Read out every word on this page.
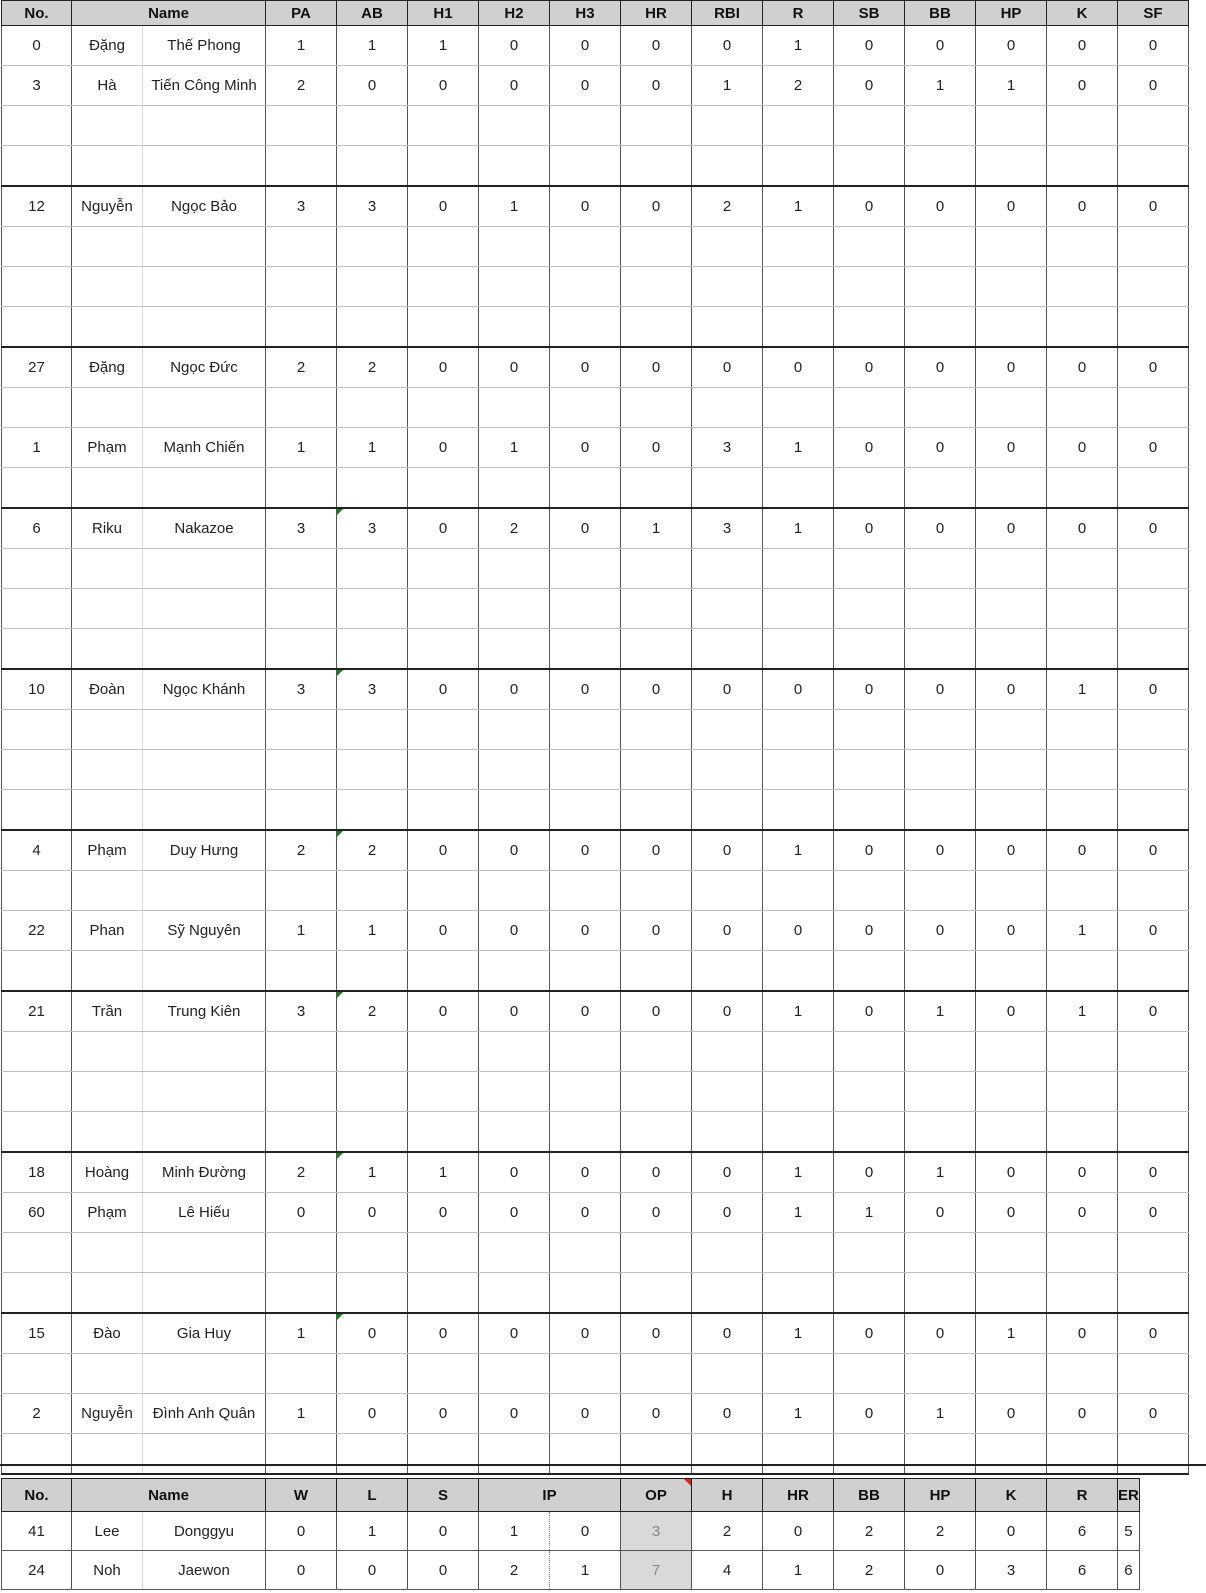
No.	Name		PA	AB	H1	H2	H3	HR	RBI	R	SB	BB	HP	K	SF
0	Đặng	Thế Phong	1	1	1	0	0	0	0	1	0	0	0	0	0
3	Hà	Tiến Công Minh	2	0	0	0	0	0	1	2	0	1	1	0	0

12	Nguyễn	Ngọc Bảo	3	3	0	1	0	0	2	1	0	0	0	0	0

27	Đặng	Ngọc Đức	2	2	0	0	0	0	0	0	0	0	0	0	0

1	Phạm	Mạnh Chiến	1	1	0	1	0	0	3	1	0	0	0	0	0

6	Riku	Nakazoe	3	3	0	2	0	1	3	1	0	0	0	0	0

10	Đoàn	Ngọc Khánh	3	3	0	0	0	0	0	0	0	0	0	1	0

4	Phạm	Duy Hưng	2	2	0	0	0	0	0	1	0	0	0	0	0

22	Phan	Sỹ Nguyên	1	1	0	0	0	0	0	0	0	0	0	1	0

21	Trần	Trung Kiên	3	2	0	0	0	0	0	1	0	1	0	1	0

18	Hoàng	Minh Đường	2	1	1	0	0	0	0	1	0	1	0	0	0
60	Phạm	Lê Hiếu	0	0	0	0	0	0	0	1	1	0	0	0	0

15	Đào	Gia Huy	1	0	0	0	0	0	0	1	0	0	1	0	0

2	Nguyễn	Đình Anh Quân	1	0	0	0	0	0	0	1	0	1	0	0	0

No.	Name		W	L	S	IP		OP	H	HR	BB	HP	K	R	ER
41	Lee	Donggyu	0	1	0	1	0	3	2	0	2	2	0	6	5
24	Noh	Jaewon	0	0	0	2	1	7	4	1	2	0	3	6	6
